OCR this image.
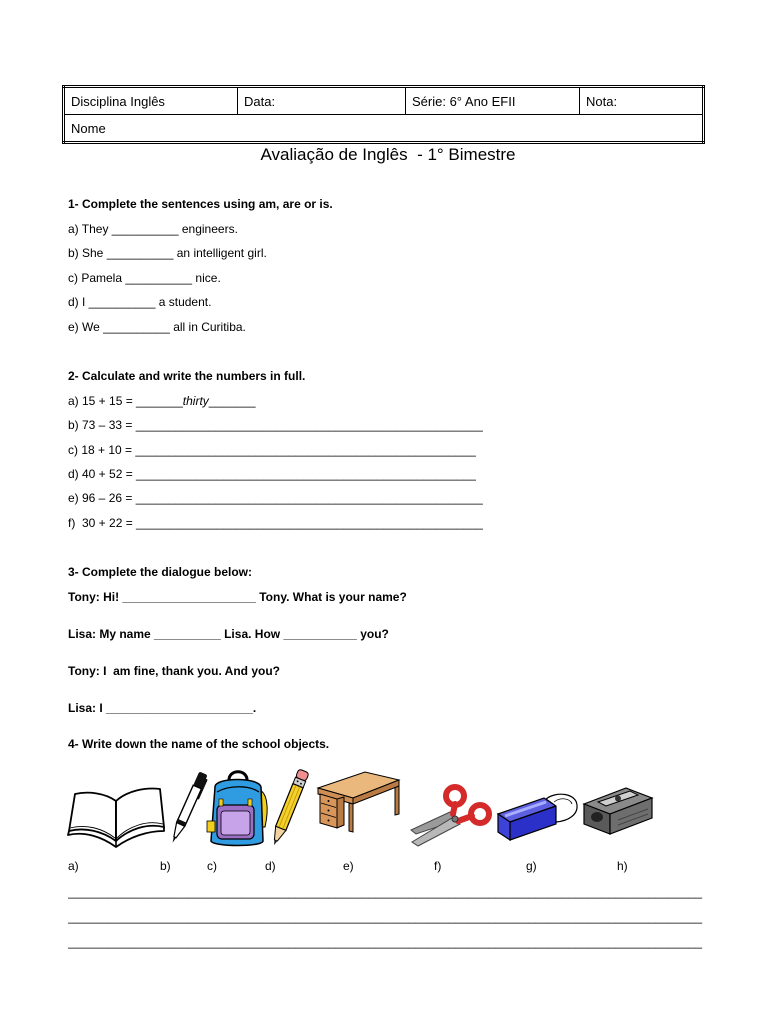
Disciplina Inglês	Data:	Série: 6° Ano EFII	Nota:
Nome
Avaliação de Inglês  - 1° Bimestre
1- Complete the sentences using am, are or is.
a) They __________ engineers.
b) She __________ an intelligent girl.
c) Pamela __________ nice.
d) I __________ a student.
e) We __________ all in Curitiba.
2- Calculate and write the numbers in full.
a) 15 + 15 = _______thirty_______
b) 73 – 33 = ____________________________________________________
c) 18 + 10 = ___________________________________________________
d) 40 + 52 = ___________________________________________________
e) 96 – 26 = ____________________________________________________
f)  30 + 22 = ____________________________________________________
3- Complete the dialogue below:
Tony: Hi! ____________________ Tony. What is your name?
Lisa: My name __________ Lisa. How ___________ you?
Tony: I  am fine, thank you. And you?
Lisa: I ______________________.
4- Write down the name of the school objects.
a)	b)	c)	d)	e)	f)	g)	h)
_______________________________________________________________________________________________
_______________________________________________________________________________________________
_______________________________________________________________________________________________
